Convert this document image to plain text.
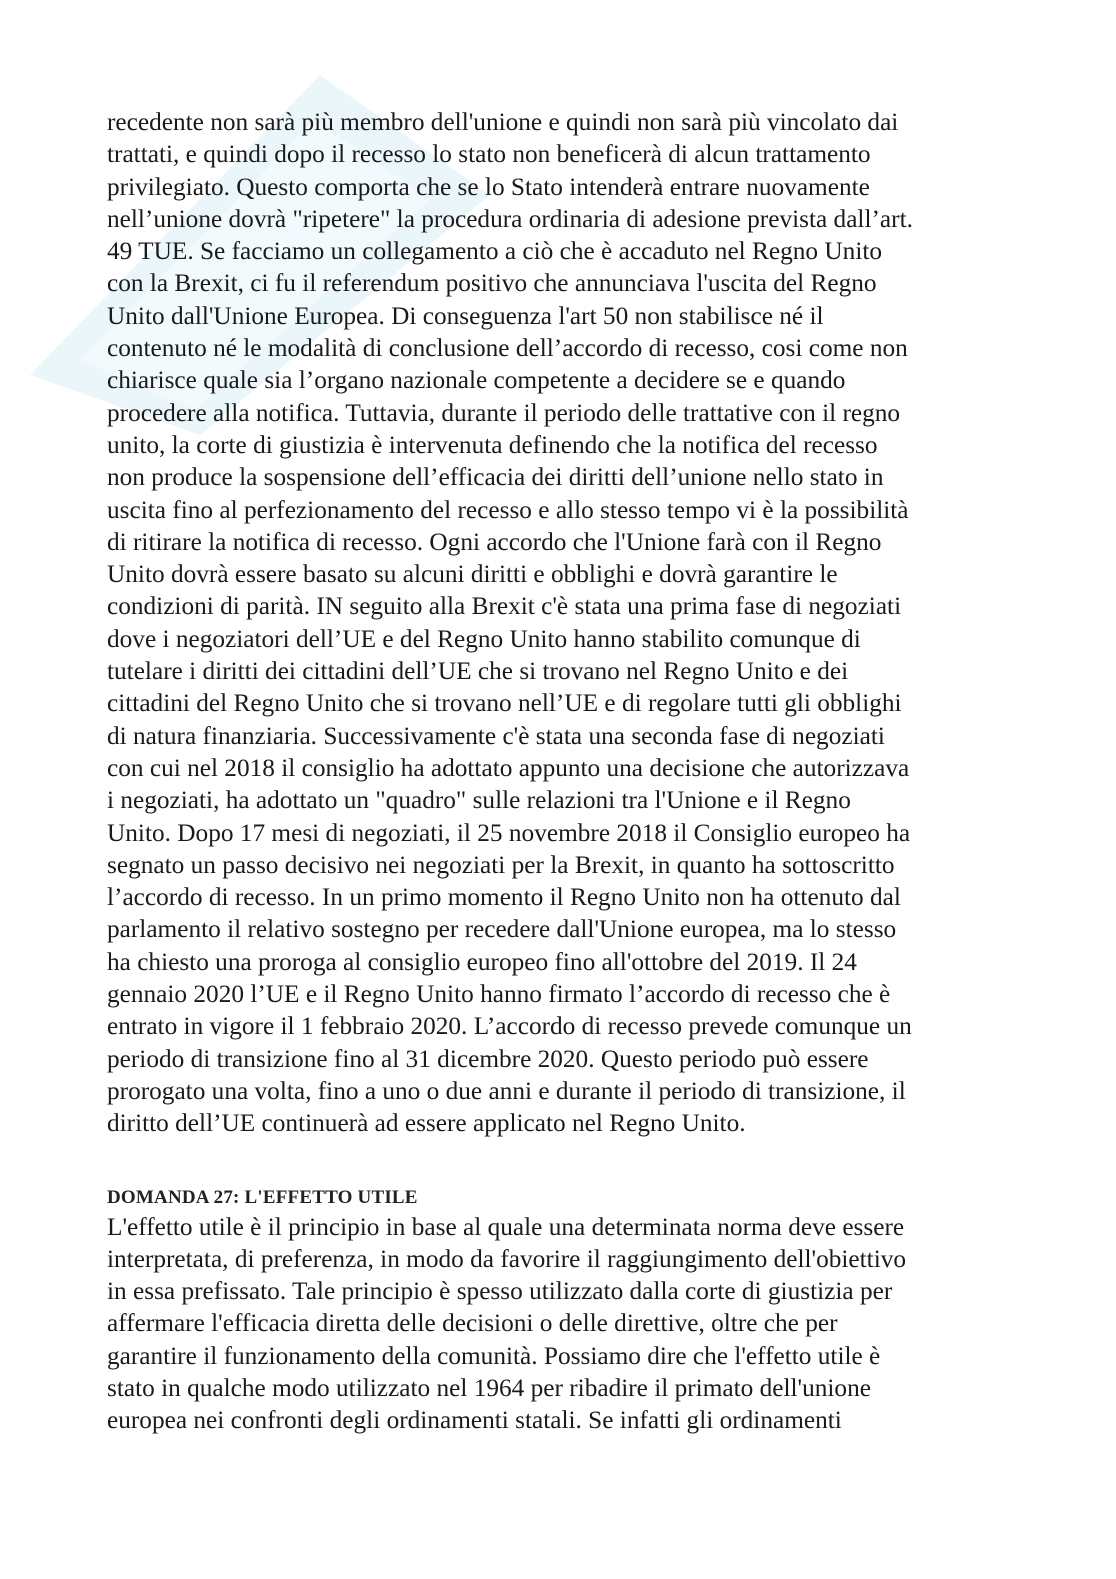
recedente non sarà più membro dell'unione e quindi non sarà più vincolato dai

trattati, e quindi dopo il recesso lo stato non beneficerà di alcun trattamento

privilegiato. Questo comporta che se lo Stato intenderà entrare nuovamente

nell’unione dovrà "ripetere" la procedura ordinaria di adesione prevista dall’art.

49 TUE. Se facciamo un collegamento a ciò che è accaduto nel Regno Unito

con la Brexit, ci fu il referendum positivo che annunciava l'uscita del Regno

Unito dall'Unione Europea. Di conseguenza l'art 50 non stabilisce né il

contenuto né le modalità di conclusione dell’accordo di recesso, cosi come non

chiarisce quale sia l’organo nazionale competente a decidere se e quando

procedere alla notifica. Tuttavia, durante il periodo delle trattative con il regno

unito, la corte di giustizia è intervenuta definendo che la notifica del recesso

non produce la sospensione dell’efficacia dei diritti dell’unione nello stato in

uscita fino al perfezionamento del recesso e allo stesso tempo vi è la possibilità

di ritirare la notifica di recesso. Ogni accordo che l'Unione farà con il Regno

Unito dovrà essere basato su alcuni diritti e obblighi e dovrà garantire le

condizioni di parità. IN seguito alla Brexit c'è stata una prima fase di negoziati

dove i negoziatori dell’UE e del Regno Unito hanno stabilito comunque di

tutelare i diritti dei cittadini dell’UE che si trovano nel Regno Unito e dei

cittadini del Regno Unito che si trovano nell’UE e di regolare tutti gli obblighi

di natura finanziaria. Successivamente c'è stata una seconda fase di negoziati

con cui nel 2018 il consiglio ha adottato appunto una decisione che autorizzava

i negoziati, ha adottato un "quadro" sulle relazioni tra l'Unione e il Regno

Unito. Dopo 17 mesi di negoziati, il 25 novembre 2018 il Consiglio europeo ha

segnato un passo decisivo nei negoziati per la Brexit, in quanto ha sottoscritto

l’accordo di recesso. In un primo momento il Regno Unito non ha ottenuto dal

parlamento il relativo sostegno per recedere dall'Unione europea, ma lo stesso

ha chiesto una proroga al consiglio europeo fino all'ottobre del 2019. Il 24

gennaio 2020 l’UE e il Regno Unito hanno firmato l’accordo di recesso che è

entrato in vigore il 1 febbraio 2020. L’accordo di recesso prevede comunque un

periodo di transizione fino al 31 dicembre 2020. Questo periodo può essere

prorogato una volta, fino a uno o due anni e durante il periodo di transizione, il

diritto dell’UE continuerà ad essere applicato nel Regno Unito.

DOMANDA 27: L'EFFETTO UTILE

L'effetto utile è il principio in base al quale una determinata norma deve essere

interpretata, di preferenza, in modo da favorire il raggiungimento dell'obiettivo

in essa prefissato. Tale principio è spesso utilizzato dalla corte di giustizia per

affermare l'efficacia diretta delle decisioni o delle direttive, oltre che per

garantire il funzionamento della comunità. Possiamo dire che l'effetto utile è

stato in qualche modo utilizzato nel 1964 per ribadire il primato dell'unione

europea nei confronti degli ordinamenti statali. Se infatti gli ordinamenti
